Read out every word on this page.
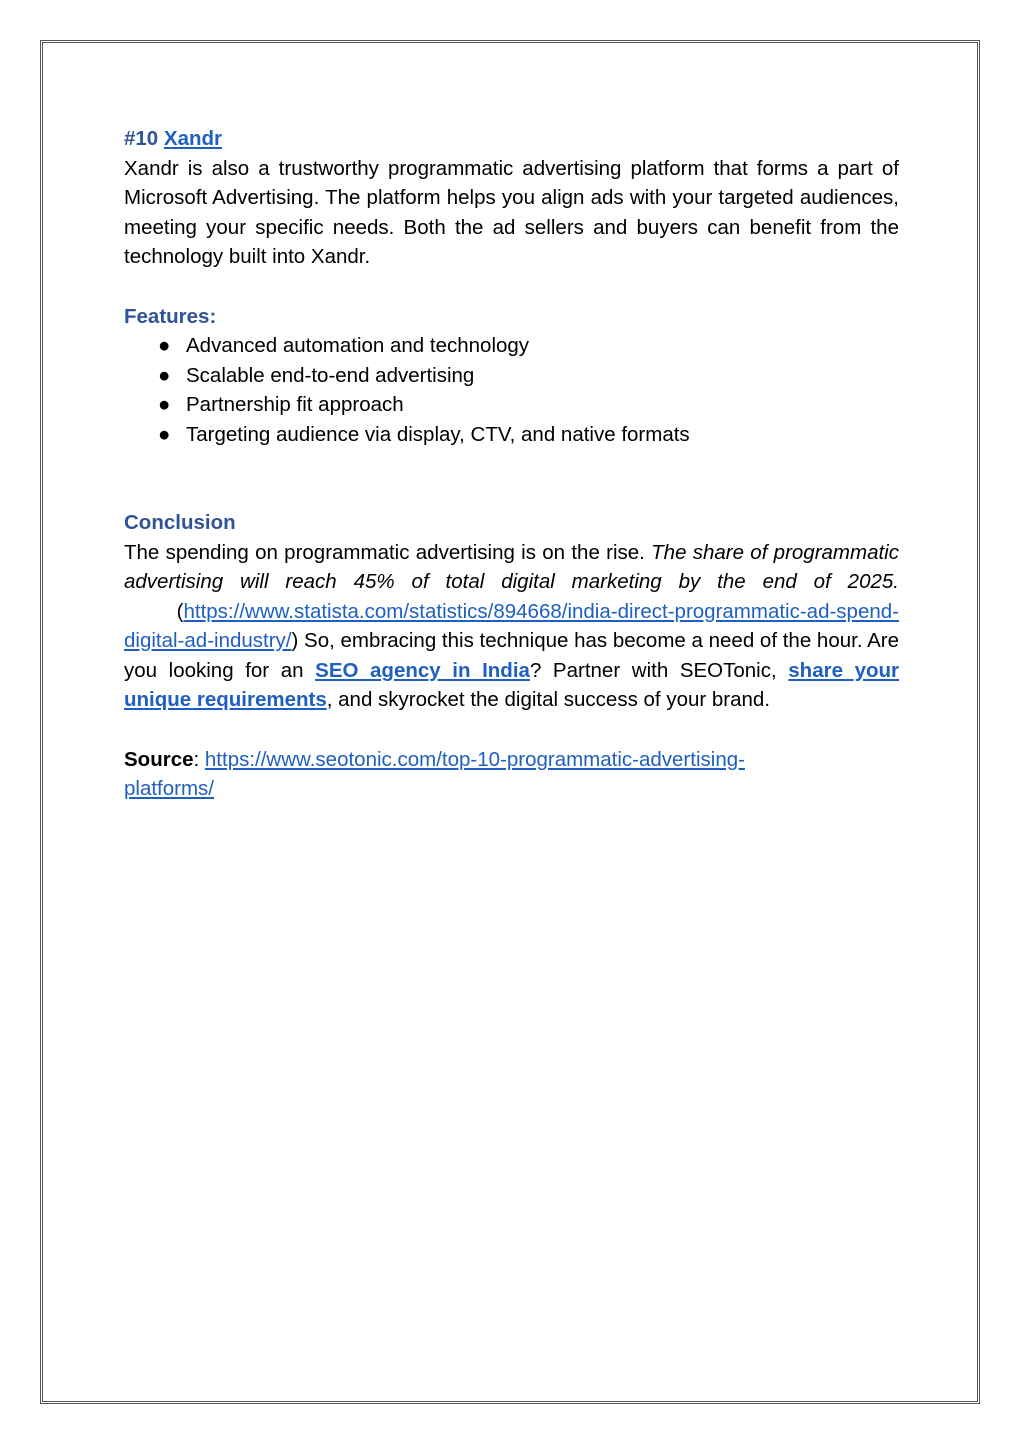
#10 Xandr

Xandr is also a trustworthy programmatic advertising platform that forms a part of Microsoft Advertising. The platform helps you align ads with your targeted audiences, meeting your specific needs. Both the ad sellers and buyers can benefit from the technology built into Xandr.

Features:

● Advanced automation and technology
● Scalable end-to-end advertising
● Partnership fit approach
● Targeting audience via display, CTV, and native formats

Conclusion

The spending on programmatic advertising is on the rise. The share of programmatic advertising will reach 45% of total digital marketing by the end of 2025.  (https://www.statista.com/statistics/894668/india-direct-programmatic-ad-spend-digital-ad-industry/) So, embracing this technique has become a need of the hour. Are you looking for an SEO agency in India? Partner with SEOTonic, share your unique requirements, and skyrocket the digital success of your brand.

Source: https://www.seotonic.com/top-10-programmatic-advertising-platforms/
